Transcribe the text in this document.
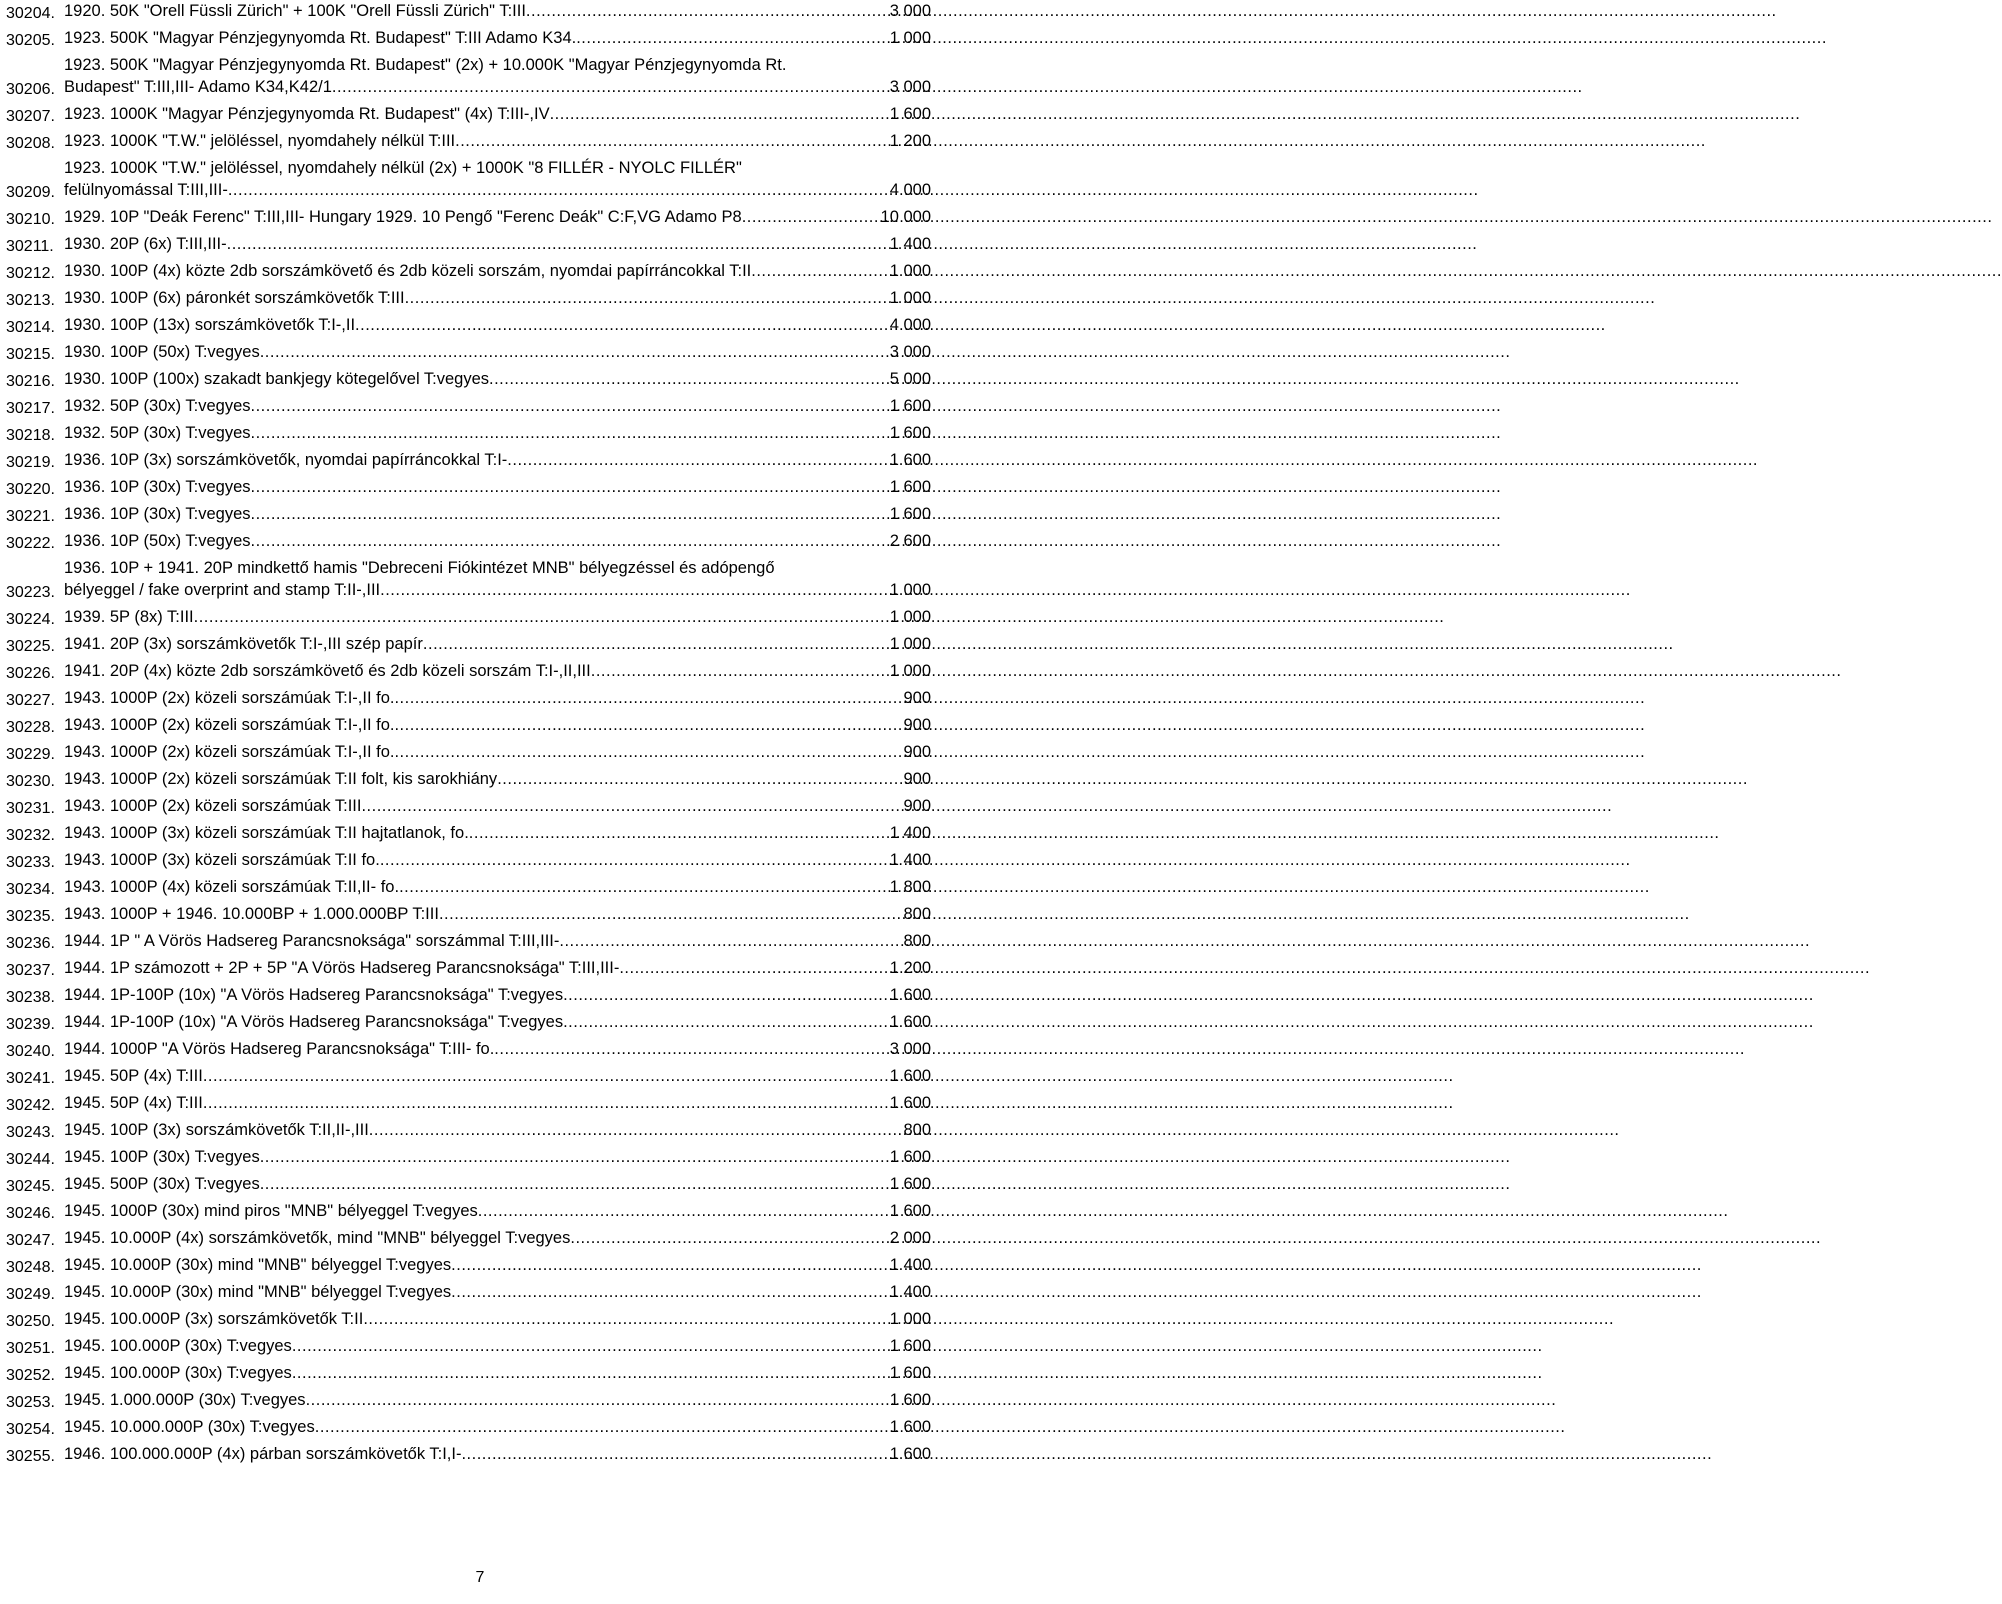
30204. 1920. 50K "Orell Füssli Zürich" + 100K "Orell Füssli Zürich" T:III .....	3 000
30205. 1923. 500K "Magyar Pénzjegynyomda Rt. Budapest" T:III Adamo K34. .....	1 000
30206.
1923. 500K "Magyar Pénzjegynyomda Rt. Budapest" (2x) + 10.000K "Magyar Pénzjegynyomda Rt.
Budapest" T:III,III- Adamo K34,K42/1 .....	3 000
30207. 1923. 1000K "Magyar Pénzjegynyomda Rt. Budapest" (4x) T:III-,IV .....	1 600
30208. 1923. 1000K "T.W." jelöléssel, nyomdahely nélkül T:III .....	1 200
30209.
1923. 1000K "T.W." jelöléssel, nyomdahely nélkül (2x) + 1000K "8 FILLÉR - NYOLC FILLÉR"
felülnyomással T:III,III- .....	4 000
30210. 1929. 10P "Deák Ferenc" T:III,III- Hungary 1929. 10 Pengő "Ferenc Deák" C:F,VG Adamo P8 .....	10 000
30211. 1930. 20P (6x) T:III,III- .....	1 400
30212. 1930. 100P (4x) közte 2db sorszámkövető és 2db közeli sorszám, nyomdai papírráncokkal T:II .....	1 000
30213. 1930. 100P (6x) páronkét sorszámkövetők T:III .....	1 000
30214. 1930. 100P (13x) sorszámkövetők T:I-,II .....	4 000
30215. 1930. 100P (50x) T:vegyes .....	3 000
30216. 1930. 100P (100x) szakadt bankjegy kötegelővel T:vegyes .....	5 000
30217. 1932. 50P (30x) T:vegyes .....	1 600
30218. 1932. 50P (30x) T:vegyes .....	1 600
30219. 1936. 10P (3x) sorszámkövetők, nyomdai papírráncokkal T:I- .....	1 600
30220. 1936. 10P (30x) T:vegyes .....	1 600
30221. 1936. 10P (30x) T:vegyes .....	1 600
30222. 1936. 10P (50x) T:vegyes .....	2 600
30223.
1936. 10P + 1941. 20P mindkettő hamis "Debreceni Fiókintézet MNB" bélyegzéssel és adópengő
bélyeggel / fake overprint and stamp T:II-,III .....	1 000
30224. 1939. 5P (8x) T:III .....	1 000
30225. 1941. 20P (3x) sorszámkövetők T:I-,III szép papír .....	1 000
30226. 1941. 20P (4x) közte 2db sorszámkövető és 2db közeli sorszám T:I-,II,III .....	1 000
30227. 1943. 1000P (2x) közeli sorszámúak T:I-,II fo. .....	900
30228. 1943. 1000P (2x) közeli sorszámúak T:I-,II fo. .....	900
30229. 1943. 1000P (2x) közeli sorszámúak T:I-,II fo. .....	900
30230. 1943. 1000P (2x) közeli sorszámúak T:II folt, kis sarokhiány .....	900
30231. 1943. 1000P (2x) közeli sorszámúak T:III .....	900
30232. 1943. 1000P (3x) közeli sorszámúak T:II hajtatlanok, fo. .....	1 400
30233. 1943. 1000P (3x) közeli sorszámúak T:II fo. .....	1 400
30234. 1943. 1000P (4x) közeli sorszámúak T:II,II- fo. .....	1 800
30235. 1943. 1000P + 1946. 10.000BP + 1.000.000BP T:III .....	800
30236. 1944. 1P " A Vörös Hadsereg Parancsnoksága" sorszámmal T:III,III- .....	800
30237. 1944. 1P számozott + 2P + 5P "A Vörös Hadsereg Parancsnoksága" T:III,III- .....	1 200
30238. 1944. 1P-100P (10x) "A Vörös Hadsereg Parancsnoksága" T:vegyes .....	1 600
30239. 1944. 1P-100P (10x) "A Vörös Hadsereg Parancsnoksága" T:vegyes .....	1 600
30240. 1944. 1000P "A Vörös Hadsereg Parancsnoksága" T:III- fo. .....	3 000
30241. 1945. 50P (4x) T:III .....	1 600
30242. 1945. 50P (4x) T:III .....	1 600
30243. 1945. 100P (3x) sorszámkövetők T:II,II-,III .....	800
30244. 1945. 100P (30x) T:vegyes .....	1 600
30245. 1945. 500P (30x) T:vegyes .....	1 600
30246. 1945. 1000P (30x) mind piros "MNB" bélyeggel T:vegyes .....	1 600
30247. 1945. 10.000P (4x) sorszámkövetők, mind "MNB" bélyeggel T:vegyes .....	2 000
30248. 1945. 10.000P (30x) mind "MNB" bélyeggel T:vegyes .....	1 400
30249. 1945. 10.000P (30x) mind "MNB" bélyeggel T:vegyes .....	1 400
30250. 1945. 100.000P (3x) sorszámkövetők T:II .....	1 000
30251. 1945. 100.000P (30x) T:vegyes .....	1 600
30252. 1945. 100.000P (30x) T:vegyes .....	1 600
30253. 1945. 1.000.000P (30x) T:vegyes .....	1 600
30254. 1945. 10.000.000P (30x) T:vegyes .....	1 600
30255. 1946. 100.000.000P (4x) párban sorszámkövetők T:I,I- .....	1 600
7
